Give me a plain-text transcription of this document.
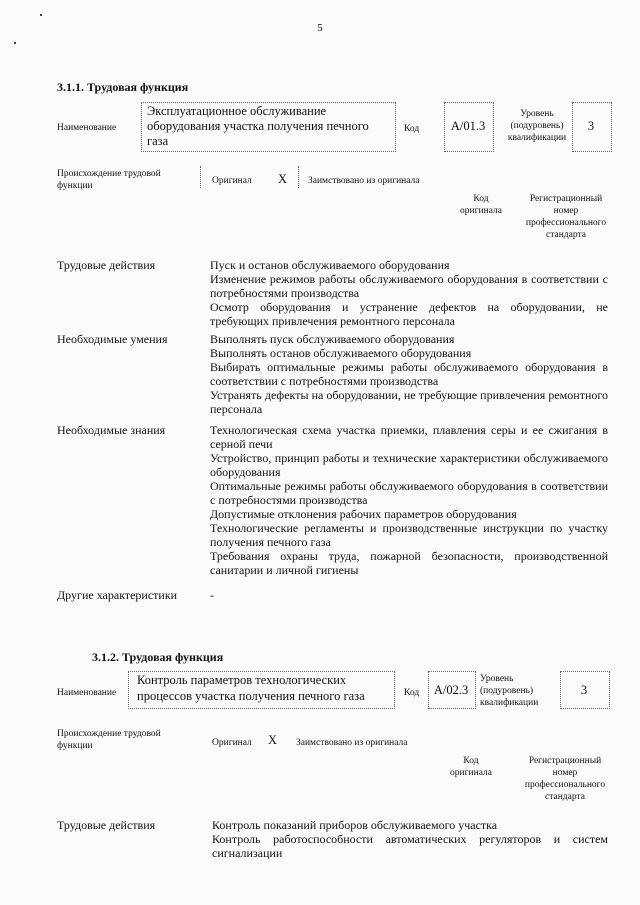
5
3.1.1. Трудовая функция
Наименование
Эксплуатационное обслуживание
оборудования участка получения печного
газа
Код	A/01.3
Уровень
(подуровень)
квалификации
3
Происхождение трудовой
функции	Оригинал X Заимствовано из оригинала
Код
оригинала
Регистрационный
номер
профессионального
стандарта
Трудовые действия	Пуск и останов обслуживаемого оборудования
Изменение режимов работы обслуживаемого оборудования в соответствии с потребностями производства
Осмотр оборудования и устранение дефектов на оборудовании, не требующих привлечения ремонтного персонала
Необходимые умения	Выполнять пуск обслуживаемого оборудования
Выполнять останов обслуживаемого оборудования
Выбирать оптимальные режимы работы обслуживаемого оборудования в соответствии с потребностями производства
Устранять дефекты на оборудовании, не требующие привлечения ремонтного персонала
Необходимые знания	Технологическая схема участка приемки, плавления серы и ее сжигания в серной печи
Устройство, принцип работы и технические характеристики обслуживаемого оборудования
Оптимальные режимы работы обслуживаемого оборудования в соответствии с потребностями производства
Допустимые отклонения рабочих параметров оборудования
Технологические регламенты и производственные инструкции по участку получения печного газа
Требования охраны труда, пожарной безопасности, производственной санитарии и личной гигиены
Другие характеристики	-
3.1.2. Трудовая функция
Наименование
Контроль параметров технологических
процессов участка получения печного газа	Код	A/02.3
Уровень
(подуровень)
квалификации
3
Происхождение трудовой
функции	Оригинал X Заимствовано из оригинала
Код
оригинала
Регистрационный
номер
профессионального
стандарта
Трудовые действия	Контроль показаний приборов обслуживаемого участка
Контроль работоспособности автоматических регуляторов и систем сигнализации
